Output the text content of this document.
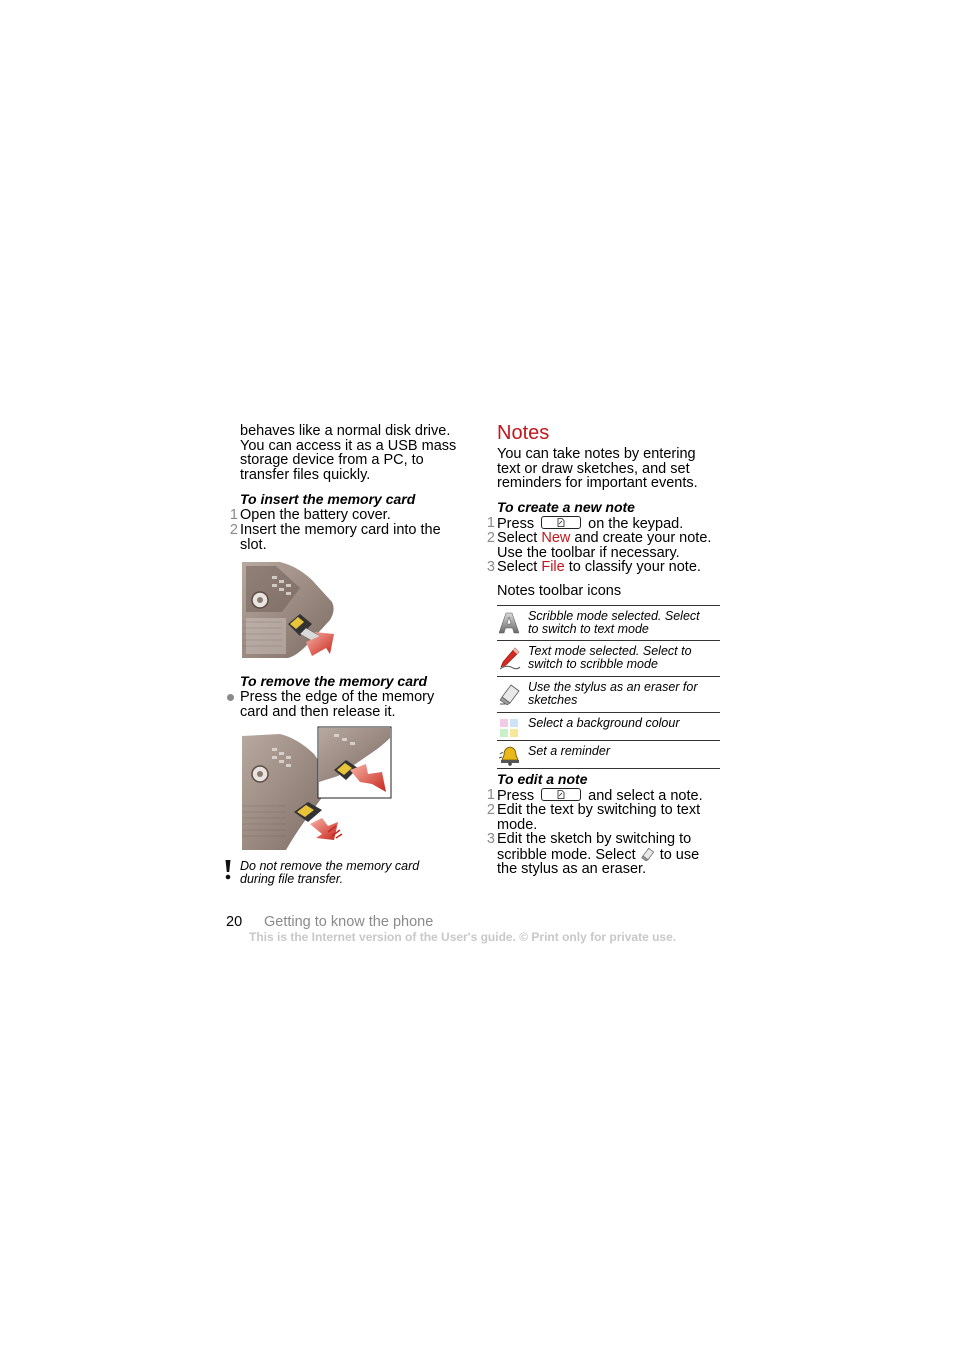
behaves like a normal disk drive.
You can access it as a USB mass
storage device from a PC, to
transfer files quickly.
To insert the memory card
1 Open the battery cover.
2 Insert the memory card into the
slot.
To remove the memory card
Press the edge of the memory
card and then release it.
Do not remove the memory card
during file transfer.
Notes
You can take notes by entering
text or draw sketches, and set
reminders for important events.
To create a new note
1 Press	on the keypad.
2 Select New and create your note.
Use the toolbar if necessary.
3 Select File to classify your note.
Notes toolbar icons
Scribble mode selected. Select
to switch to text mode
Text mode selected. Select to
switch to scribble mode
Use the stylus as an eraser for
sketches
Select a background colour
Set a reminder
To edit a note
1 Press	and select a note.
2 Edit the text by switching to text
mode.
3 Edit the sketch by switching to
scribble mode. Select to use
the stylus as an eraser.
20 Getting to know the phone
This is the Internet version of the User's guide. © Print only for private use.
